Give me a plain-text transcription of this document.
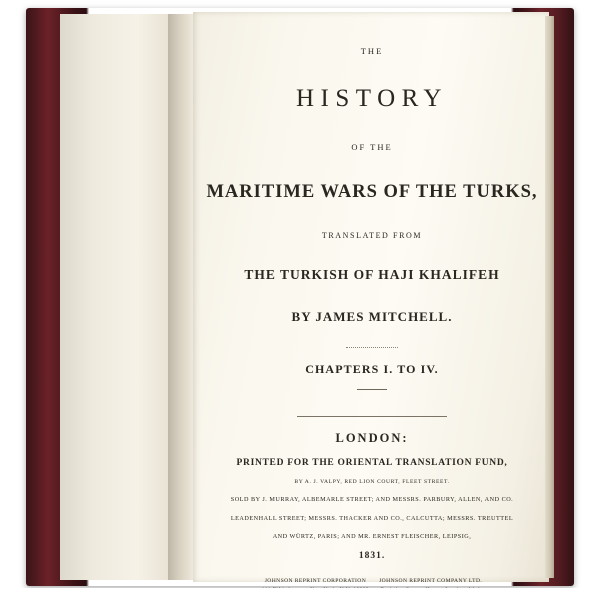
THE
HISTORY
OF THE
MARITIME WARS OF THE TURKS,
TRANSLATED FROM
THE TURKISH OF HAJI KHALIFEH
BY JAMES MITCHELL.
CHAPTERS I. TO IV.
LONDON:
PRINTED FOR THE ORIENTAL TRANSLATION FUND,
BY A. J. VALPY, RED LION COURT, FLEET STREET.
SOLD BY J. MURRAY, ALBEMARLE STREET; AND MESSRS. PARBURY, ALLEN, AND CO.
LEADENHALL STREET; MESSRS. THACKER AND CO., CALCUTTA; MESSRS. TREUTTEL
AND WÜRTZ, PARIS; AND MR. ERNEST FLEISCHER, LEIPSIG,
1831.
JOHNSON REPRINT CORPORATION	JOHNSON REPRINT COMPANY LTD.
